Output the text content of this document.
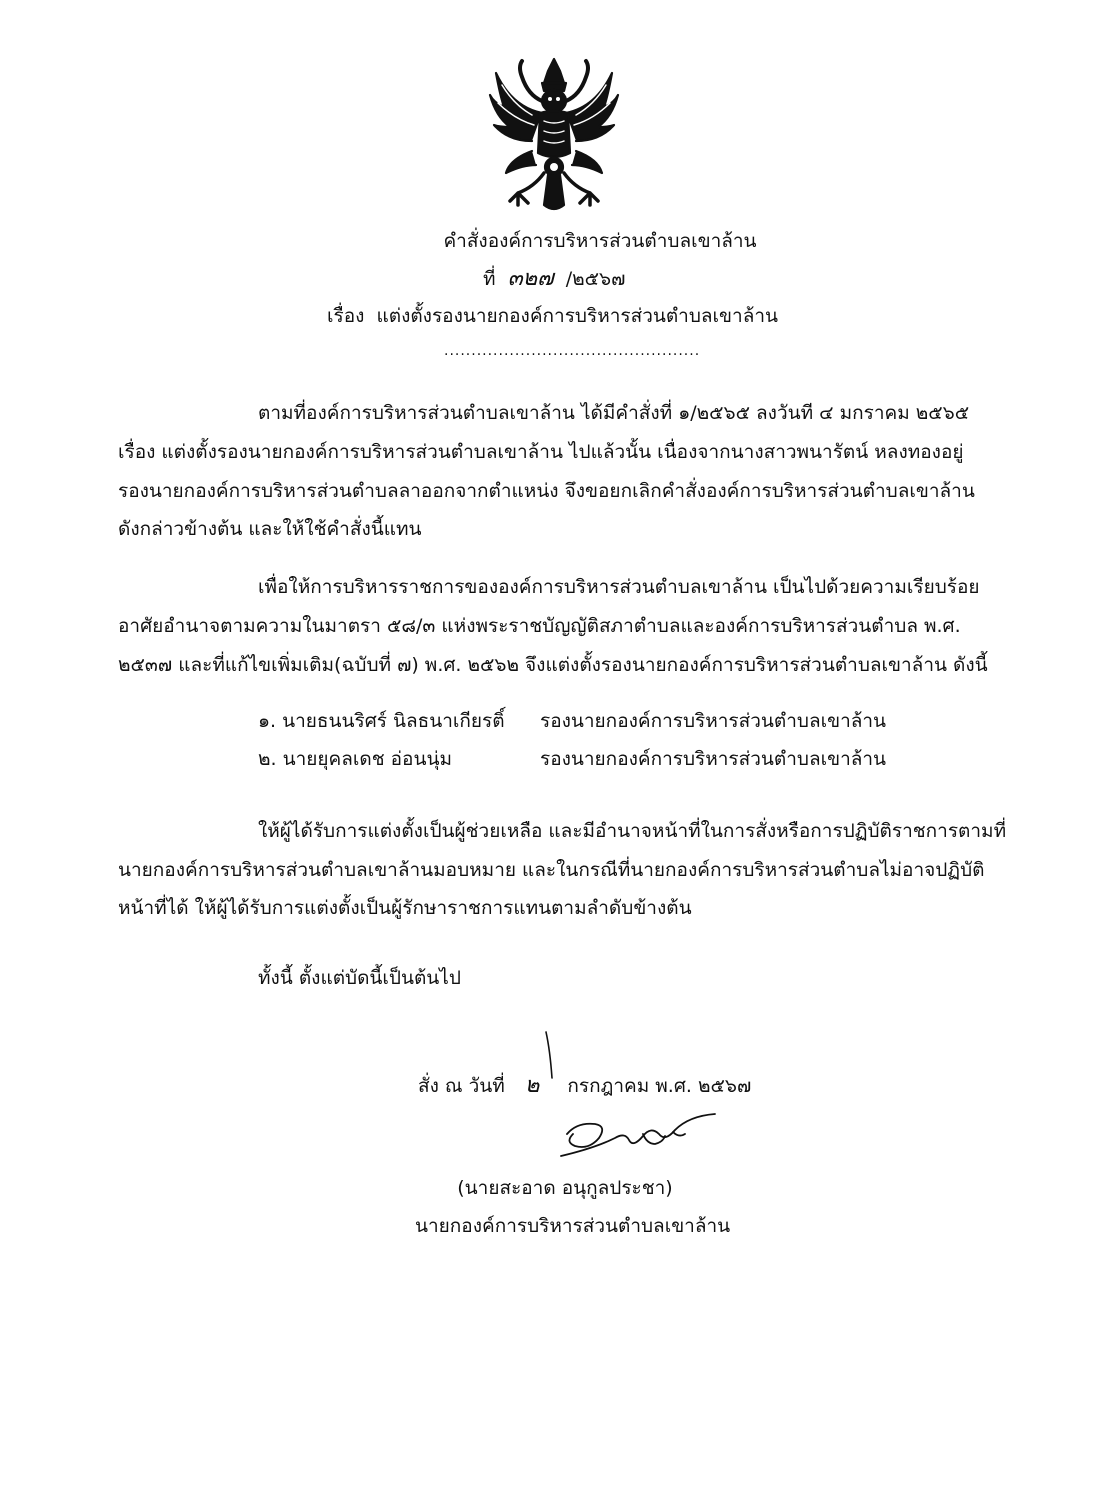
คำสั่งองค์การบริหารส่วนตำบลเขาล้าน
ที่ ๓๒๗ /๒๕๖๗
เรื่อง แต่งตั้งรองนายกองค์การบริหารส่วนตำบลเขาล้าน
...............................................
ตามที่องค์การบริหารส่วนตำบลเขาล้าน ได้มีคำสั่งที่ ๑/๒๕๖๕ ลงวันที ๔ มกราคม ๒๕๖๕
เรื่อง แต่งตั้งรองนายกองค์การบริหารส่วนตำบลเขาล้าน ไปแล้วนั้น เนื่องจากนางสาวพนารัตน์ หลงทองอยู่
รองนายกองค์การบริหารส่วนตำบลลาออกจากตำแหน่ง จึงขอยกเลิกคำสั่งองค์การบริหารส่วนตำบลเขาล้าน
ดังกล่าวข้างต้น และให้ใช้คำสั่งนี้แทน
เพื่อให้การบริหารราชการขององค์การบริหารส่วนตำบลเขาล้าน เป็นไปด้วยความเรียบร้อย
อาศัยอำนาจตามความในมาตรา ๕๘/๓ แห่งพระราชบัญญัติสภาตำบลและองค์การบริหารส่วนตำบล พ.ศ.
๒๕๓๗ และที่แก้ไขเพิ่มเติม(ฉบับที่ ๗) พ.ศ. ๒๕๖๒ จึงแต่งตั้งรองนายกองค์การบริหารส่วนตำบลเขาล้าน ดังนี้
๑. นายธนนริศร์ นิลธนาเกียรติ์ รองนายกองค์การบริหารส่วนตำบลเขาล้าน
๒. นายยุคลเดช อ่อนนุ่ม	รองนายกองค์การบริหารส่วนตำบลเขาล้าน
ให้ผู้ได้รับการแต่งตั้งเป็นผู้ช่วยเหลือ และมีอำนาจหน้าที่ในการสั่งหรือการปฏิบัติราชการตามที่
นายกองค์การบริหารส่วนตำบลเขาล้านมอบหมาย และในกรณีที่นายกองค์การบริหารส่วนตำบลไม่อาจปฏิบัติ
หน้าที่ได้ ให้ผู้ได้รับการแต่งตั้งเป็นผู้รักษาราชการแทนตามลำดับข้างต้น
ทั้งนี้ ตั้งแต่บัดนี้เป็นต้นไป
สั่ง ณ วันที่ ๒ กรกฎาคม พ.ศ. ๒๕๖๗
(นายสะอาด อนุกูลประชา)
นายกองค์การบริหารส่วนตำบลเขาล้าน
